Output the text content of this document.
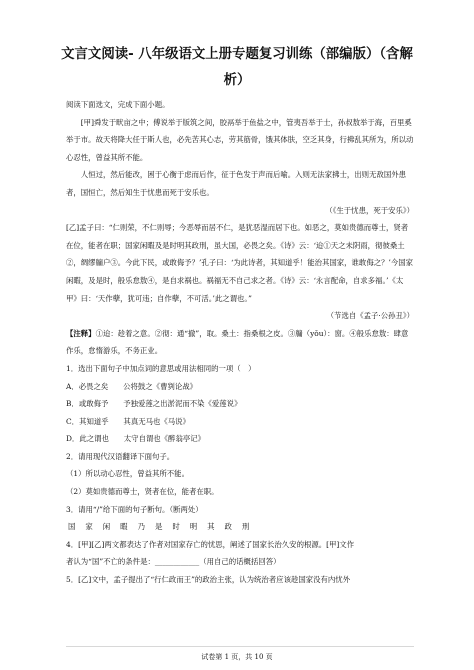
文言文阅读- 八年级语文上册专题复习训练（部编版）（含解
析）

阅读下面选文，完成下面小题。

[甲]舜发于畎亩之中；傅说举于版筑之间，胶鬲举于鱼盐之中，管夷吾举于士，孙叔敖举于海，百里奚举于市。故天将降大任于斯人也，必先苦其心志，劳其筋骨，饿其体肤，空乏其身，行拂乱其所为，所以动心忍性，曾益其所不能。

人恒过，然后能改，困于心衡于虑而后作，征于色发于声而后喻。入则无法家拂士，出则无敌国外患者，国恒亡，然后知生于忧患而死于安乐也。

（《生于忧患，死于安乐》）

[乙]孟子曰：“仁则荣，不仁则辱；今恶辱而居不仁，是犹恶湿而居下也。如恶之，莫如贵德而尊士，贤者在位，能者在职；国家闲暇及是时明其政刑，虽大国，必畏之矣。《诗》云：‘迨①天之未阴雨，彻彼桑土②，绸缪牖户③。今此下民，或敢侮予？’孔子曰：‘为此诗者，其知道乎！能治其国家，谁敢侮之？’今国家闲暇，及是时，般乐怠敖④，是自求祸也。祸福无不自己求之者。《诗》云：‘永言配命，自求多福。’《太甲》曰：‘天作孽，犹可违；自作孽，不可活。’此之谓也。”

（节选自《孟子·公孙丑》）

【注释】①迨：趁着之意。②彻：通“撤”，取。桑土：指桑根之皮。③牖（yǒu）：窗。④般乐怠敖：肆意作乐，怠惰游乐，不务正业。

1．选出下面句子中加点词的意思或用法相同的一项（　）

A．必畏之矣　　 公将鼓之《曹刿论战》

B．或敢侮予　　 予独爱莲之出淤泥而不染《爱莲说》

C．其知道乎　　 其真无马也《马说》

D．此之谓也　　 太守自谓也《醉翁亭记》

2．请用现代汉语翻译下面句子。

（1）所以动心忍性，曾益其所不能。

（2）莫如贵德而尊士，贤者在位，能者在职。

3．请用“/”给下面的句子断句。（断两处）

国家闲暇乃是时明其政刑

4．[甲][乙]两文都表达了作者对国家存亡的忧思，阐述了国家长治久安的根源。[甲]文作

者认为“国”不亡的条件是：____________（用自己的话概括回答）

5．[乙]文中，孟子提出了“行仁政而王”的政治主张，认为统治者应该趁国家没有内忧外

试卷第 1 页，共 10 页
